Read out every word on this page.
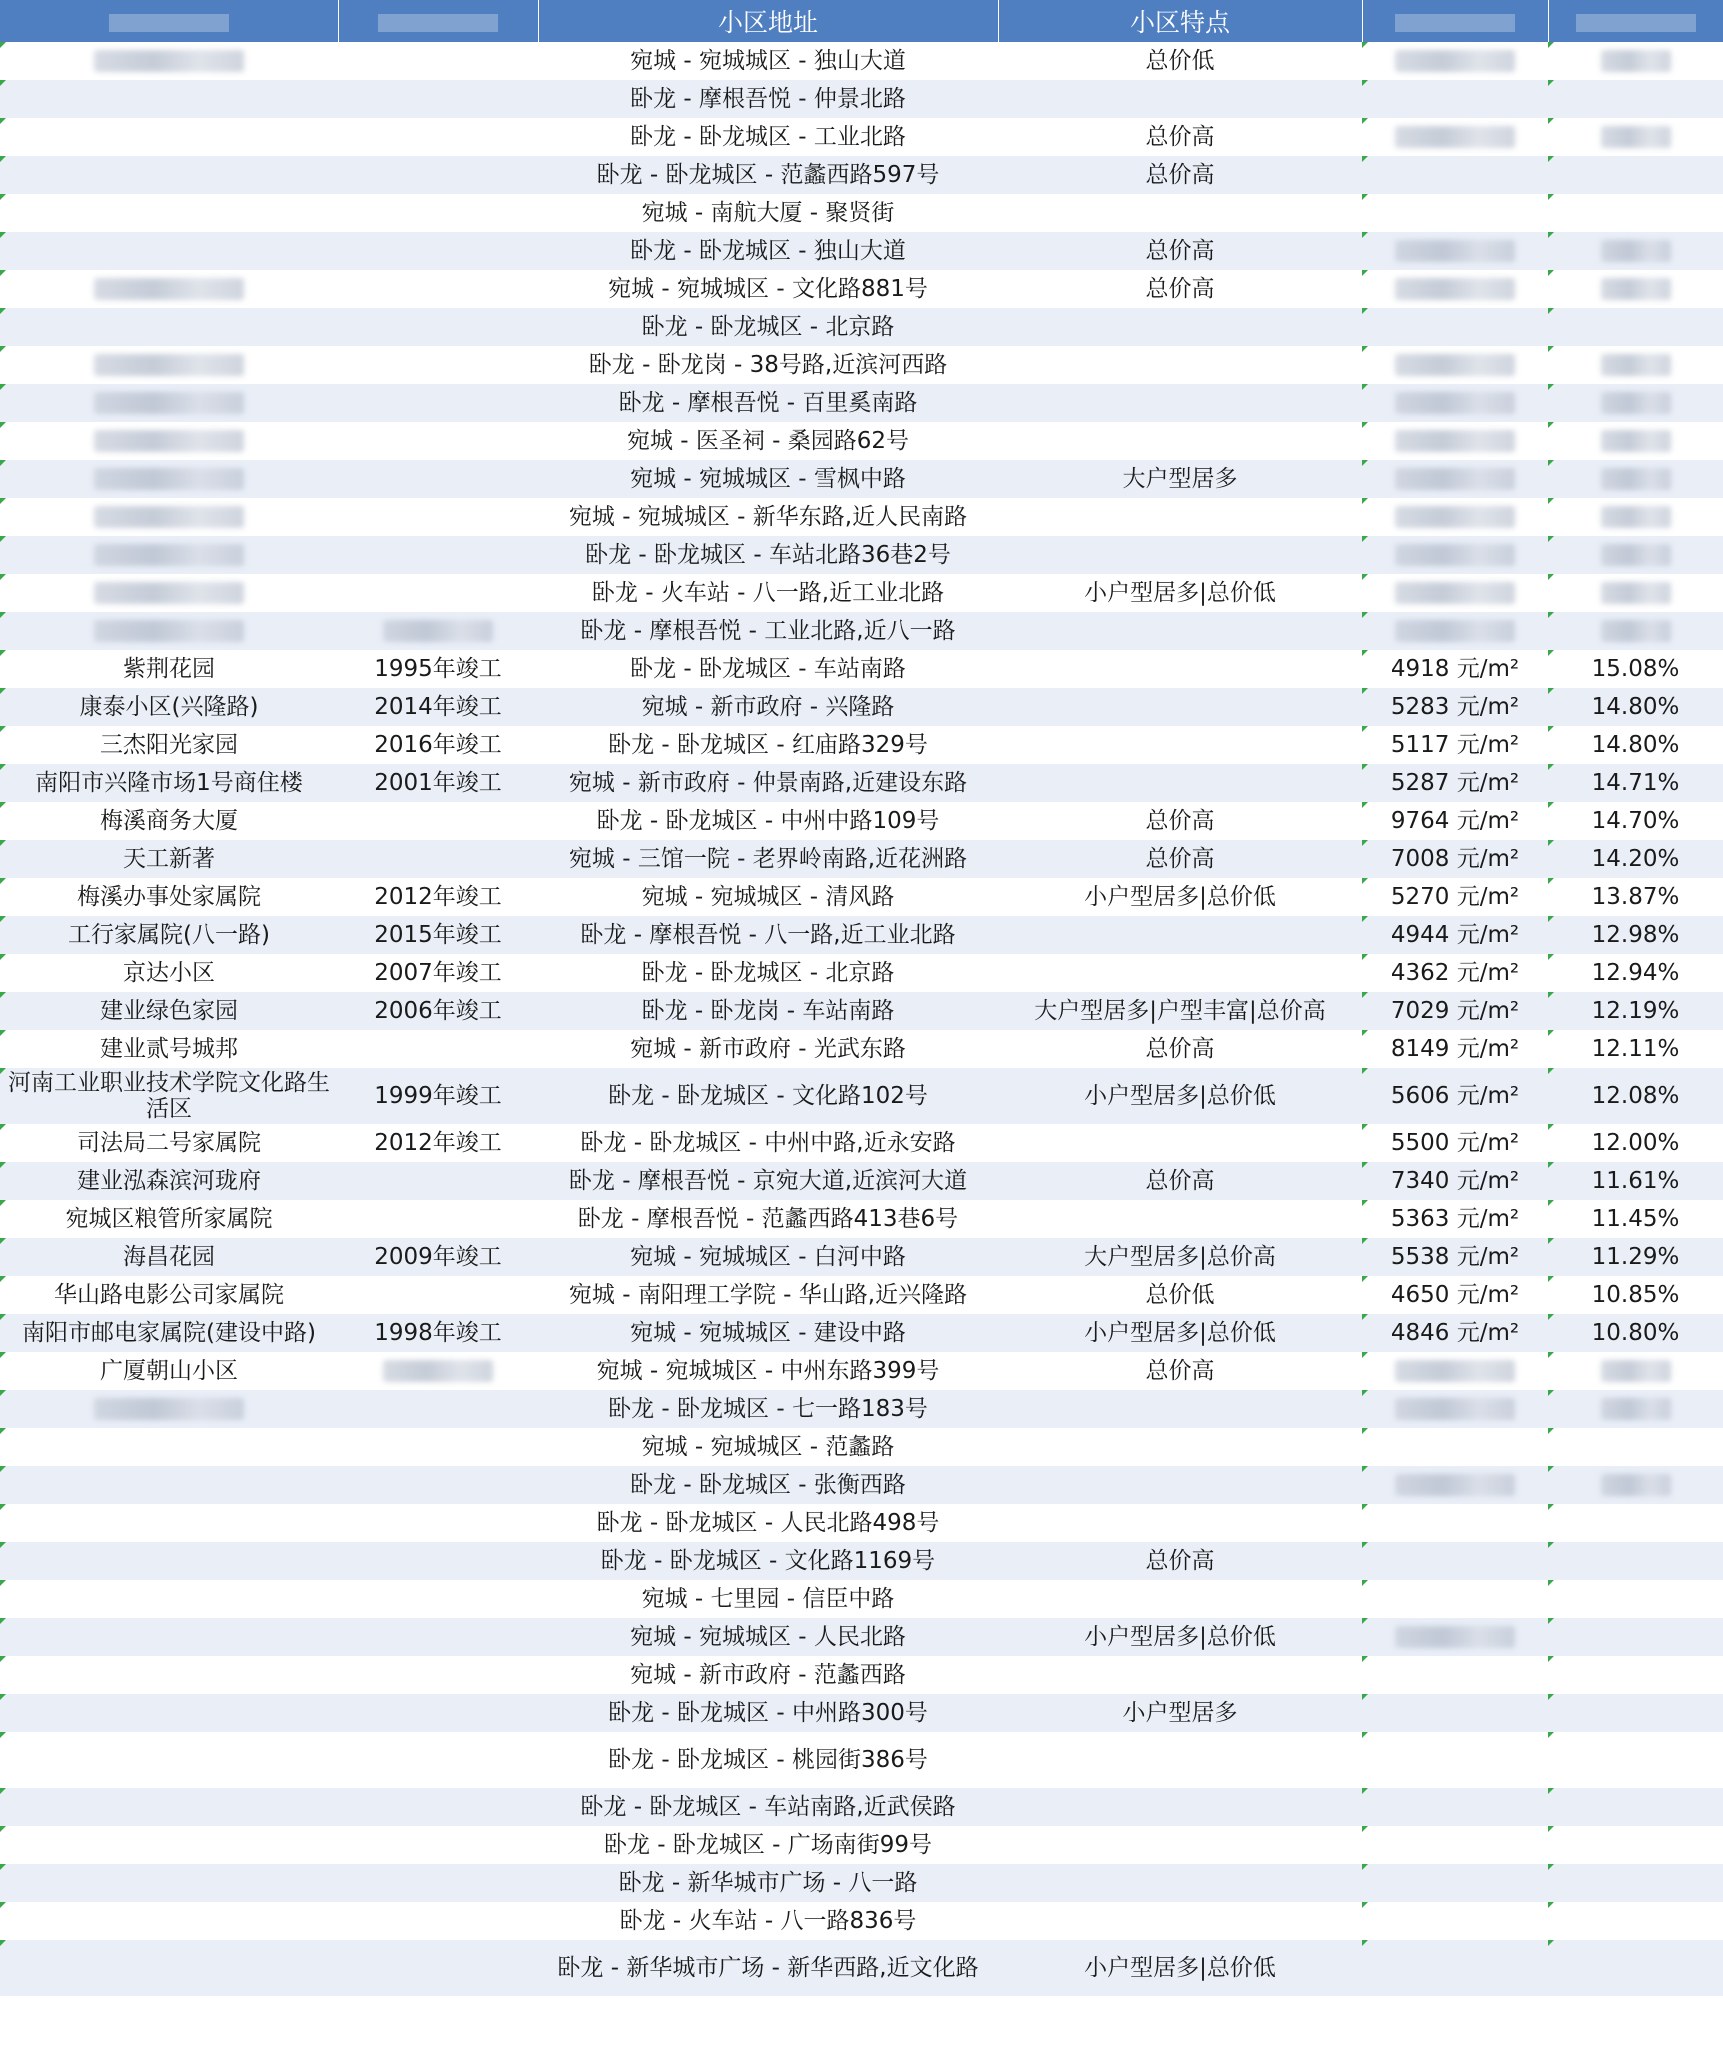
		小区地址	小区特点		
		宛城 - 宛城城区 - 独山大道	总价低		
		卧龙 - 摩根吾悦 - 仲景北路			
		卧龙 - 卧龙城区 - 工业北路	总价高		
		卧龙 - 卧龙城区 - 范蠡西路597号	总价高		
		宛城 - 南航大厦 - 聚贤街			
		卧龙 - 卧龙城区 - 独山大道	总价高		
		宛城 - 宛城城区 - 文化路881号	总价高		
		卧龙 - 卧龙城区 - 北京路			
		卧龙 - 卧龙岗 - 38号路,近滨河西路			
		卧龙 - 摩根吾悦 - 百里奚南路			
		宛城 - 医圣祠 - 桑园路62号			
		宛城 - 宛城城区 - 雪枫中路	大户型居多		
		宛城 - 宛城城区 - 新华东路,近人民南路			
		卧龙 - 卧龙城区 - 车站北路36巷2号			
		卧龙 - 火车站 - 八一路,近工业北路	小户型居多|总价低		
		卧龙 - 摩根吾悦 - 工业北路,近八一路			
紫荆花园	1995年竣工	卧龙 - 卧龙城区 - 车站南路		4918 元/m²	15.08%
康泰小区(兴隆路)	2014年竣工	宛城 - 新市政府 - 兴隆路		5283 元/m²	14.80%
三杰阳光家园	2016年竣工	卧龙 - 卧龙城区 - 红庙路329号		5117 元/m²	14.80%
南阳市兴隆市场1号商住楼	2001年竣工	宛城 - 新市政府 - 仲景南路,近建设东路		5287 元/m²	14.71%
梅溪商务大厦		卧龙 - 卧龙城区 - 中州中路109号	总价高	9764 元/m²	14.70%
天工新著		宛城 - 三馆一院 - 老界岭南路,近花洲路	总价高	7008 元/m²	14.20%
梅溪办事处家属院	2012年竣工	宛城 - 宛城城区 - 清风路	小户型居多|总价低	5270 元/m²	13.87%
工行家属院(八一路)	2015年竣工	卧龙 - 摩根吾悦 - 八一路,近工业北路		4944 元/m²	12.98%
京达小区	2007年竣工	卧龙 - 卧龙城区 - 北京路		4362 元/m²	12.94%
建业绿色家园	2006年竣工	卧龙 - 卧龙岗 - 车站南路	大户型居多|户型丰富|总价高	7029 元/m²	12.19%
建业贰号城邦		宛城 - 新市政府 - 光武东路	总价高	8149 元/m²	12.11%
河南工业职业技术学院文化路生活区	1999年竣工	卧龙 - 卧龙城区 - 文化路102号	小户型居多|总价低	5606 元/m²	12.08%
司法局二号家属院	2012年竣工	卧龙 - 卧龙城区 - 中州中路,近永安路		5500 元/m²	12.00%
建业泓森滨河珑府		卧龙 - 摩根吾悦 - 京宛大道,近滨河大道	总价高	7340 元/m²	11.61%
宛城区粮管所家属院		卧龙 - 摩根吾悦 - 范蠡西路413巷6号		5363 元/m²	11.45%
海昌花园	2009年竣工	宛城 - 宛城城区 - 白河中路	大户型居多|总价高	5538 元/m²	11.29%
华山路电影公司家属院		宛城 - 南阳理工学院 - 华山路,近兴隆路	总价低	4650 元/m²	10.85%
南阳市邮电家属院(建设中路)	1998年竣工	宛城 - 宛城城区 - 建设中路	小户型居多|总价低	4846 元/m²	10.80%
广厦朝山小区		宛城 - 宛城城区 - 中州东路399号	总价高		
		卧龙 - 卧龙城区 - 七一路183号			
		宛城 - 宛城城区 - 范蠡路			
		卧龙 - 卧龙城区 - 张衡西路			
		卧龙 - 卧龙城区 - 人民北路498号			
		卧龙 - 卧龙城区 - 文化路1169号	总价高		
		宛城 - 七里园 - 信臣中路			
		宛城 - 宛城城区 - 人民北路	小户型居多|总价低		
		宛城 - 新市政府 - 范蠡西路			
		卧龙 - 卧龙城区 - 中州路300号	小户型居多		
		卧龙 - 卧龙城区 - 桃园街386号			
		卧龙 - 卧龙城区 - 车站南路,近武侯路			
		卧龙 - 卧龙城区 - 广场南街99号			
		卧龙 - 新华城市广场 - 八一路			
		卧龙 - 火车站 - 八一路836号			
		卧龙 - 新华城市广场 - 新华西路,近文化路	小户型居多|总价低		
